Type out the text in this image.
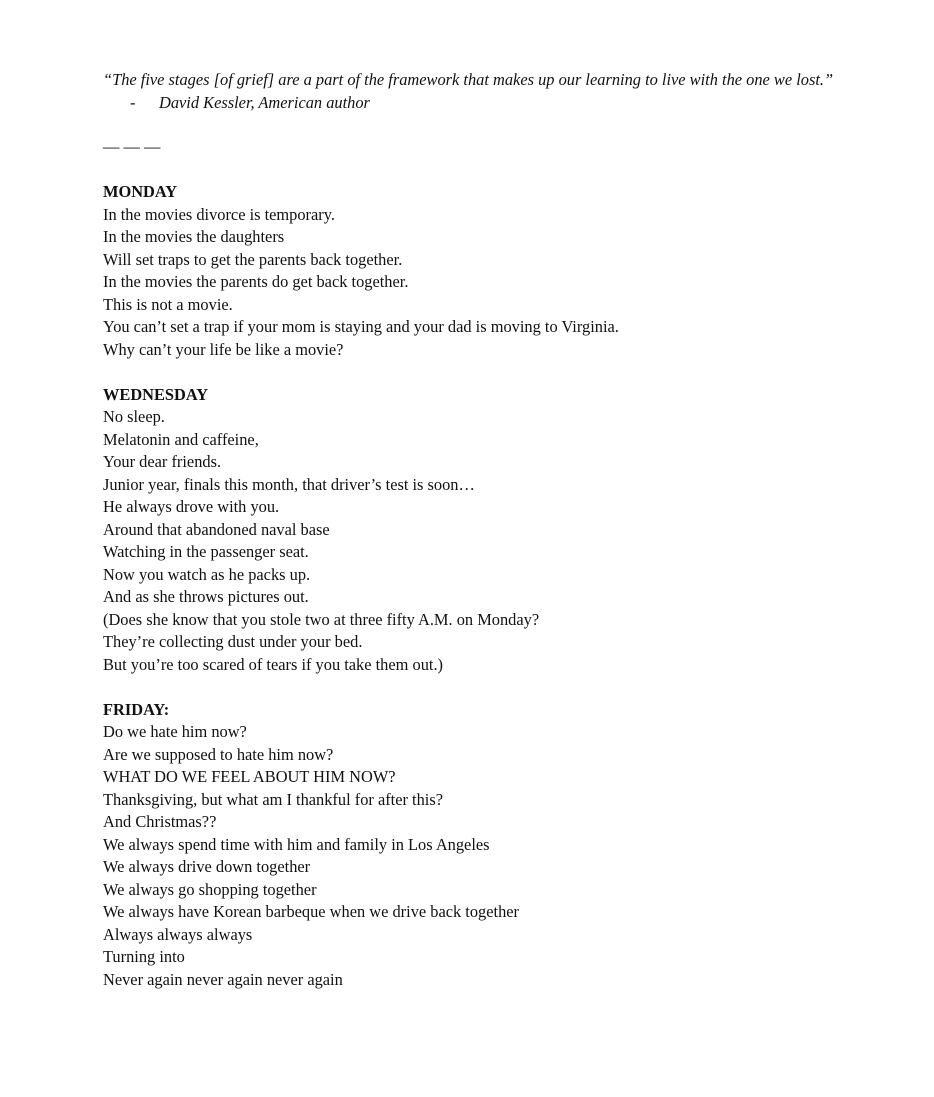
“The five stages [of grief] are a part of the framework that makes up our learning to live with the one we lost.”

- David Kessler, American author

— — —

MONDAY

In the movies divorce is temporary.

In the movies the daughters

Will set traps to get the parents back together.

In the movies the parents do get back together.

This is not a movie.

You can’t set a trap if your mom is staying and your dad is moving to Virginia.

Why can’t your life be like a movie?

WEDNESDAY

No sleep.

Melatonin and caffeine,

Your dear friends.

Junior year, finals this month, that driver’s test is soon…

He always drove with you.

Around that abandoned naval base

Watching in the passenger seat.

Now you watch as he packs up.

And as she throws pictures out.

(Does she know that you stole two at three fifty A.M. on Monday?

They’re collecting dust under your bed.

But you’re too scared of tears if you take them out.)

FRIDAY:

Do we hate him now?

Are we supposed to hate him now?

WHAT DO WE FEEL ABOUT HIM NOW?

Thanksgiving, but what am I thankful for after this?

And Christmas??

We always spend time with him and family in Los Angeles

We always drive down together

We always go shopping together

We always have Korean barbeque when we drive back together

Always always always

Turning into

Never again never again never again
